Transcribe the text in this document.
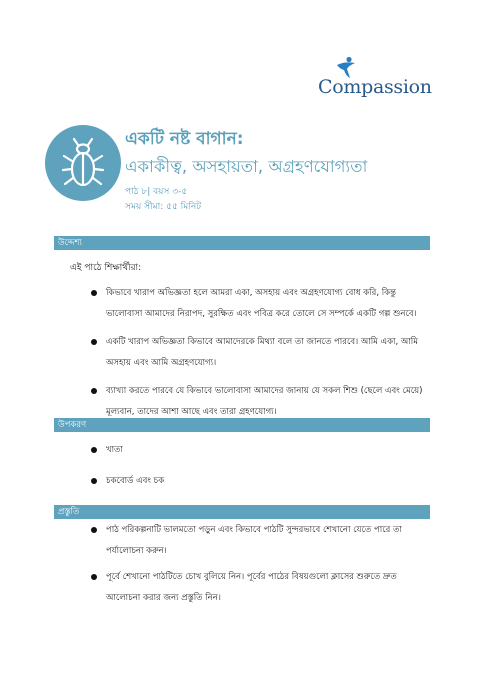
Compassion
একটি নষ্ট বাগান:
একাকীত্ব, অসহায়তা, অগ্রহণযোগ্যতা
পাঠ ৮| বয়স ৩-৫
সময় সীমা: ৫৫ মিনিট
উদ্দেশ্য
এই পাঠে শিক্ষার্থীরা:
কিভাবে খারাপ অভিজ্ঞতা হলে আমরা একা, অসহায় এবং অগ্রহণযোগ্য বোধ করি, কিন্তু ভালোবাসা আমাদের নিরাপদ, সুরক্ষিত এবং পবিত্র করে তোলে সে সম্পর্কে একটি গল্প শুনবে।
একটি খারাপ অভিজ্ঞতা কিভাবে আমাদেরকে মিথ্যা বলে তা জানতে পারবে। আমি একা, আমি অসহায় এবং আমি অগ্রহণযোগ্য।
ব্যাখ্যা করতে পারবে যে কিভাবে ভালোবাসা আমাদের জানায় যে সকল শিশু (ছেলে এবং মেয়ে) মূল্যবান, তাদের আশা আছে এবং তারা গ্রহণযোগ্য।
উপকরণ
খাতা
চকবোর্ড এবং চক
প্রস্তুতি
পাঠ পরিকল্পনাটি ভালমতো পড়ুন এবং কিভাবে পাঠটি সুন্দরভাবে শেখানো যেতে পারে তা পর্যালোচনা করুন।
পূর্বে শেখানো পাঠটিতে চোখ বুলিয়ে নিন। পূর্বের পাঠের বিষয়গুলো ক্লাসের শুরুতে দ্রুত আলোচনা করার জন্য প্রস্তুতি নিন।
